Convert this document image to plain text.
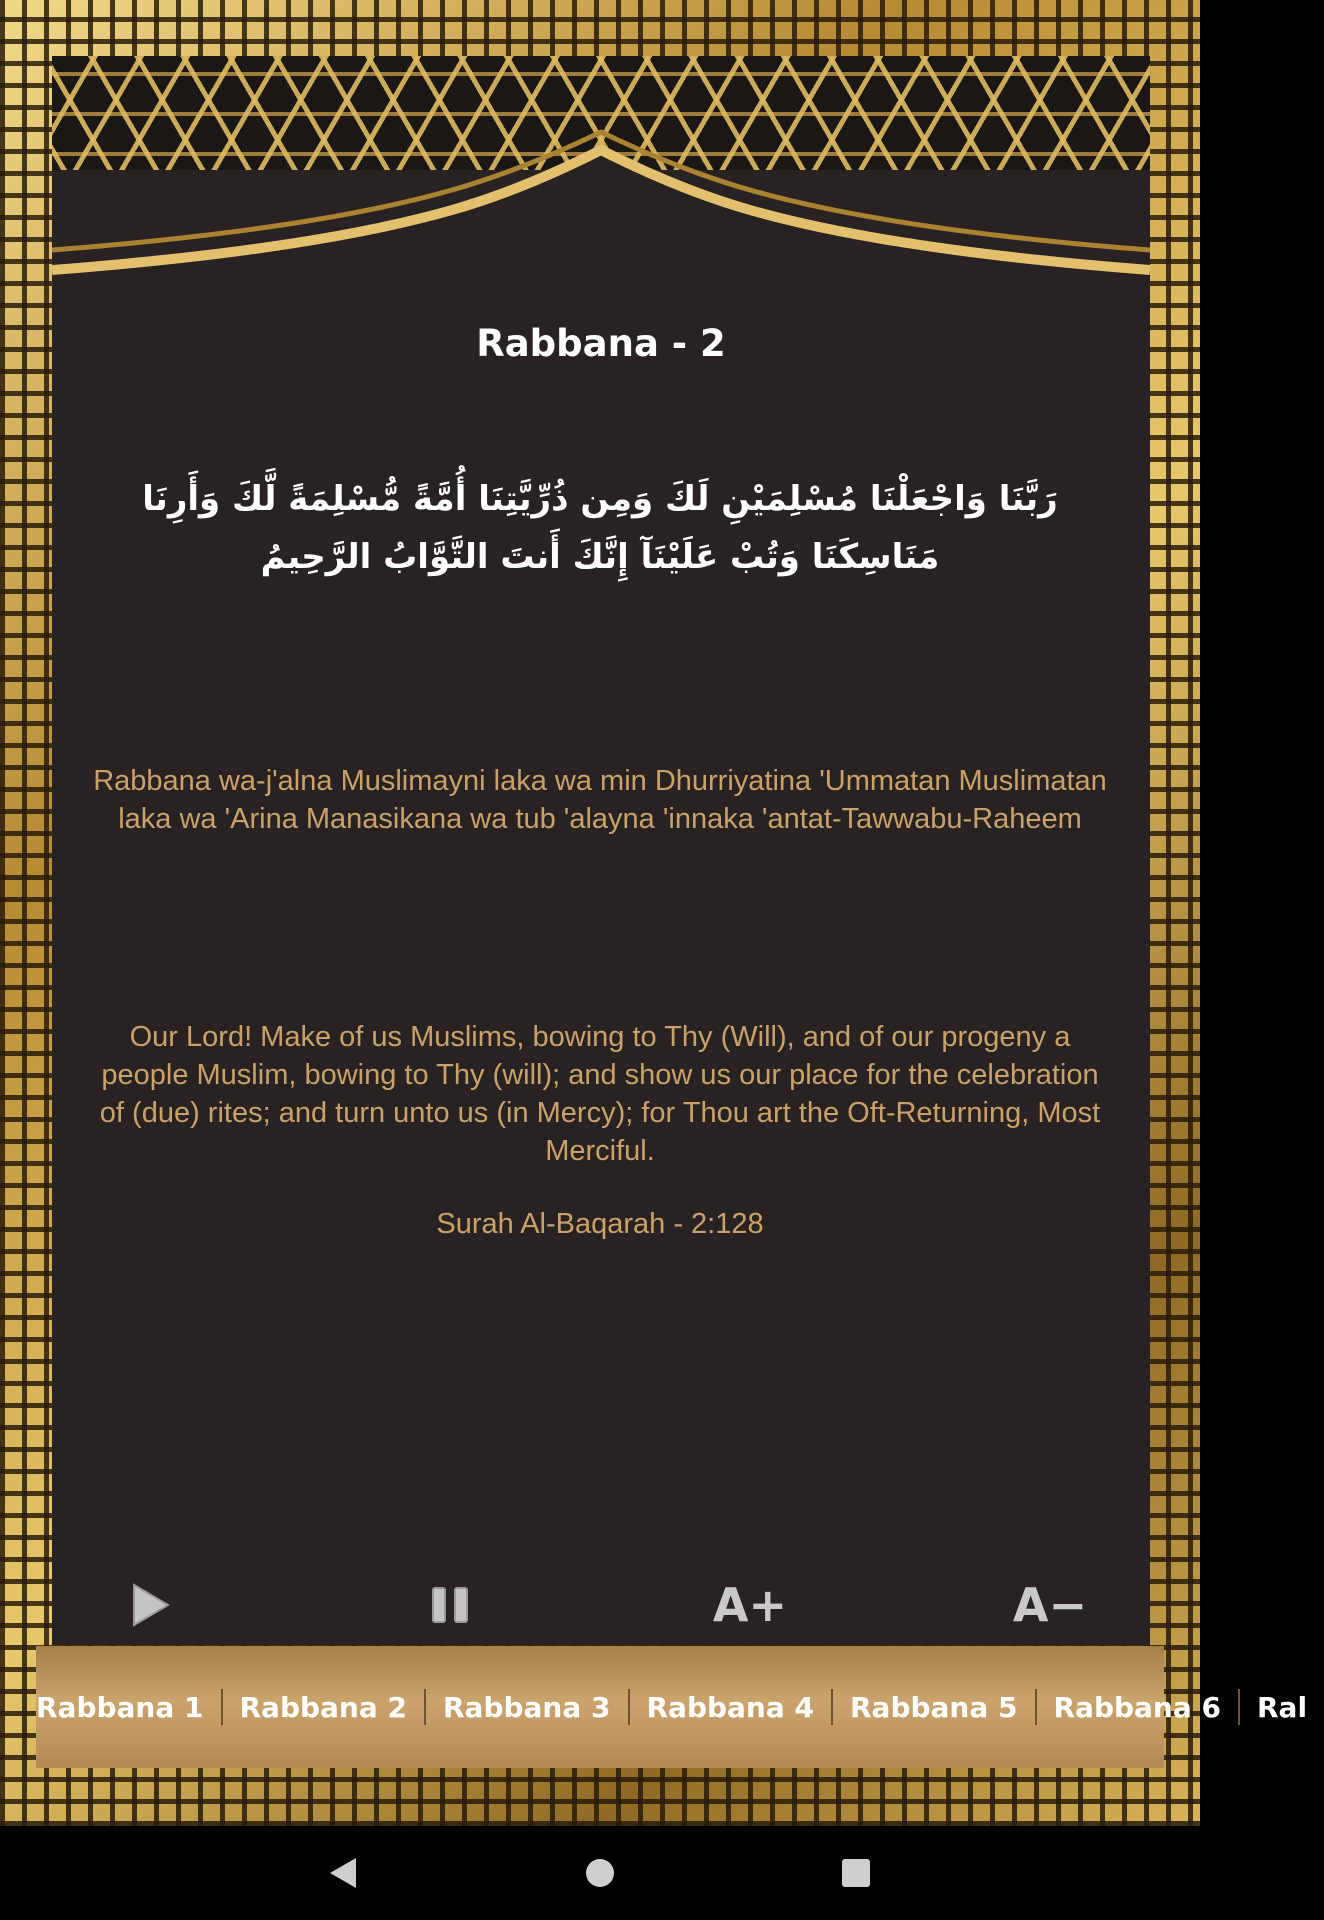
Rabbana - 2
رَبَّنَا وَاجْعَلْنَا مُسْلِمَيْنِ لَكَ وَمِن ذُرِّيَّتِنَا أُمَّةً مُّسْلِمَةً لَّكَ وَأَرِنَا مَنَاسِكَنَا وَتُبْ عَلَيْنَآ إِنَّكَ أَنتَ التَّوَّابُ الرَّحِيمُ
Rabbana wa-j'alna Muslimayni laka wa min Dhurriyatina 'Ummatan Muslimatan laka wa 'Arina Manasikana wa tub 'alayna 'innaka 'antat-Tawwabu-Raheem
Our Lord! Make of us Muslims, bowing to Thy (Will), and of our progeny a people Muslim, bowing to Thy (will); and show us our place for the celebration of (due) rites; and turn unto us (in Mercy); for Thou art the Oft-Returning, Most Merciful.
Surah Al-Baqarah - 2:128
A+	A−
Rabbana 1	Rabbana 2	Rabbana 3	Rabbana 4	Rabbana 5	Rabbana 6	Ral
